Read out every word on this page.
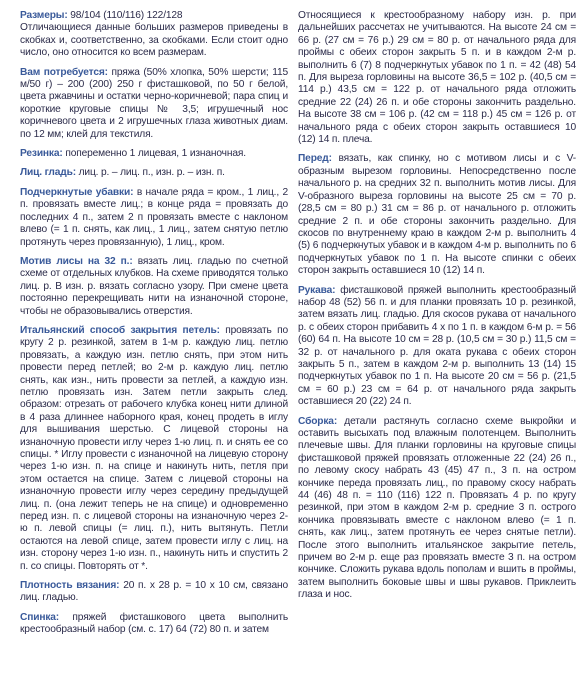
Размеры: 98/104 (110/116) 122/128

Отличающиеся данные больших размеров приведены в скобках и, соответственно, за скобками. Если стоит одно число, оно относится ко всем размерам.

Вам потребуется: пряжа (50% хлопка, 50% шерсти; 115 м/50 г) – 200 (200) 250 г фисташковой, по 50 г белой, цвета ржавчины и остатки черно-коричневой; пара спиц и короткие круговые спицы № 3,5; игрушечный нос коричневого цвета и 2 игрушечных глаза животных диам. по 12 мм; клей для текстиля.

Резинка: попеременно 1 лицевая, 1 изнаночная.

Лиц. гладь: лиц. р. – лиц. п., изн. р. – изн. п.

Подчеркнутые убавки: в начале ряда = кром., 1 лиц., 2 п. провязать вместе лиц.; в конце ряда = провязать до последних 4 п., затем 2 п провязать вместе с наклоном влево (= 1 п. снять, как лиц., 1 лиц., затем снятую петлю протянуть через провязанную), 1 лиц., кром.

Мотив лисы на 32 п.: вязать лиц. гладью по счетной схеме от отдельных клубков. На схеме приводятся только лиц. р. В изн. р. вязать согласно узору. При смене цвета постоянно перекрещивать нити на изнаночной стороне, чтобы не образовывались отверстия.

Итальянский способ закрытия петель: провязать по кругу 2 р. резинкой, затем в 1-м р. каждую лиц. петлю провязать, а каждую изн. петлю снять, при этом нить провести перед петлей; во 2-м р. каждую лиц. петлю снять, как изн., нить провести за петлей, а каждую изн. петлю провязать изн. Затем петли закрыть след. образом: отрезать от рабочего клубка конец нити длиной в 4 раза длиннее наборного края, конец продеть в иглу для вышивания шерстью. С лицевой стороны на изнаночную провести иглу через 1-ю лиц. п. и снять ее со спицы. * Иглу провести с изнаночной на лицевую сторону через 1-ю изн. п. на спице и накинуть нить, петля при этом остается на спице. Затем с лицевой стороны на изнаночную провести иглу через середину предыдущей лиц. п. (она лежит теперь не на спице) и одновременно перед изн. п. с лицевой стороны на изнаночную через 2-ю п. левой спицы (= лиц. п.), нить вытянуть. Петли остаются на левой спице, затем провести иглу с лиц. на изн. сторону через 1-ю изн. п., накинуть нить и спустить 2 п. со спицы. Повторять от *.

Плотность вязания: 20 п. х 28 р. = 10 х 10 см, связано лиц. гладью.

Спинка: пряжей фисташкового цвета выполнить крестообразный набор (см. с. 17) 64 (72) 80 п. и затем

Относящиеся к крестообразному набору изн. р. при дальнейших рассчетах не учитываются. На высоте 24 см = 66 р. (27 см = 76 р.) 29 см = 80 р. от начального ряда для проймы с обеих сторон закрыть 5 п. и в каждом 2-м р. выполнить 6 (7) 8 подчеркнутых убавок по 1 п. = 42 (48) 54 п. Для выреза горловины на высоте 36,5 = 102 р. (40,5 см = 114 р.) 43,5 см = 122 р. от начального ряда отложить средние 22 (24) 26 п. и обе стороны закончить раздельно. На высоте 38 см = 106 р. (42 см = 118 р.) 45 см = 126 р. от начального ряда с обеих сторон закрыть оставшиеся 10 (12) 14 п. плеча.

Перед: вязать, как спинку, но с мотивом лисы и с V-образным вырезом горловины. Непосредственно после начального р. на средних 32 п. выполнить мотив лисы. Для V-образного выреза горловины на высоте 25 см = 70 р. (28,5 см = 80 р.) 31 см = 86 р. от начального р. отложить средние 2 п. и обе стороны закончить раздельно. Для скосов по внутреннему краю в каждом 2-м р. выполнить 4 (5) 6 подчеркнутых убавок и в каждом 4-м р. выполнить по 6 подчеркнутых убавок по 1 п. На высоте спинки с обеих сторон закрыть оставшиеся 10 (12) 14 п.

Рукава: фисташковой пряжей выполнить крестообразный набор 48 (52) 56 п. и для планки провязать 10 р. резинкой, затем вязать лиц. гладью. Для скосов рукава от начального р. с обеих сторон прибавить 4 х по 1 п. в каждом 6-м р. = 56 (60) 64 п. На высоте 10 см = 28 р. (10,5 см = 30 р.) 11,5 см = 32 р. от начального р. для оката рукава с обеих сторон закрыть 5 п., затем в каждом 2-м р. выполнить 13 (14) 15 подчеркнутых убавок по 1 п. На высоте 20 см = 56 р. (21,5 см = 60 р.) 23 см = 64 р. от начального ряда закрыть оставшиеся 20 (22) 24 п.

Сборка: детали растянуть согласно схеме выкройки и оставить высыхать под влажным полотенцем. Выполнить плечевые швы. Для планки горловины на круговые спицы фисташковой пряжей провязать отложенные 22 (24) 26 п., по левому скосу набрать 43 (45) 47 п., 3 п. на остром кончике переда провязать лиц., по правому скосу набрать 44 (46) 48 п. = 110 (116) 122 п. Провязать 4 р. по кругу резинкой, при этом в каждом 2-м р. средние 3 п. острого кончика провязывать вместе с наклоном влево (= 1 п. снять, как лиц., затем протянуть ее через снятые петли). После этого выполнить итальянское закрытие петель, причем во 2-м р. еще раз провязать вместе 3 п. на остром кончике. Сложить рукава вдоль пополам и вшить в проймы, затем выполнить боковые швы и швы рукавов. Приклеить глаза и нос.
